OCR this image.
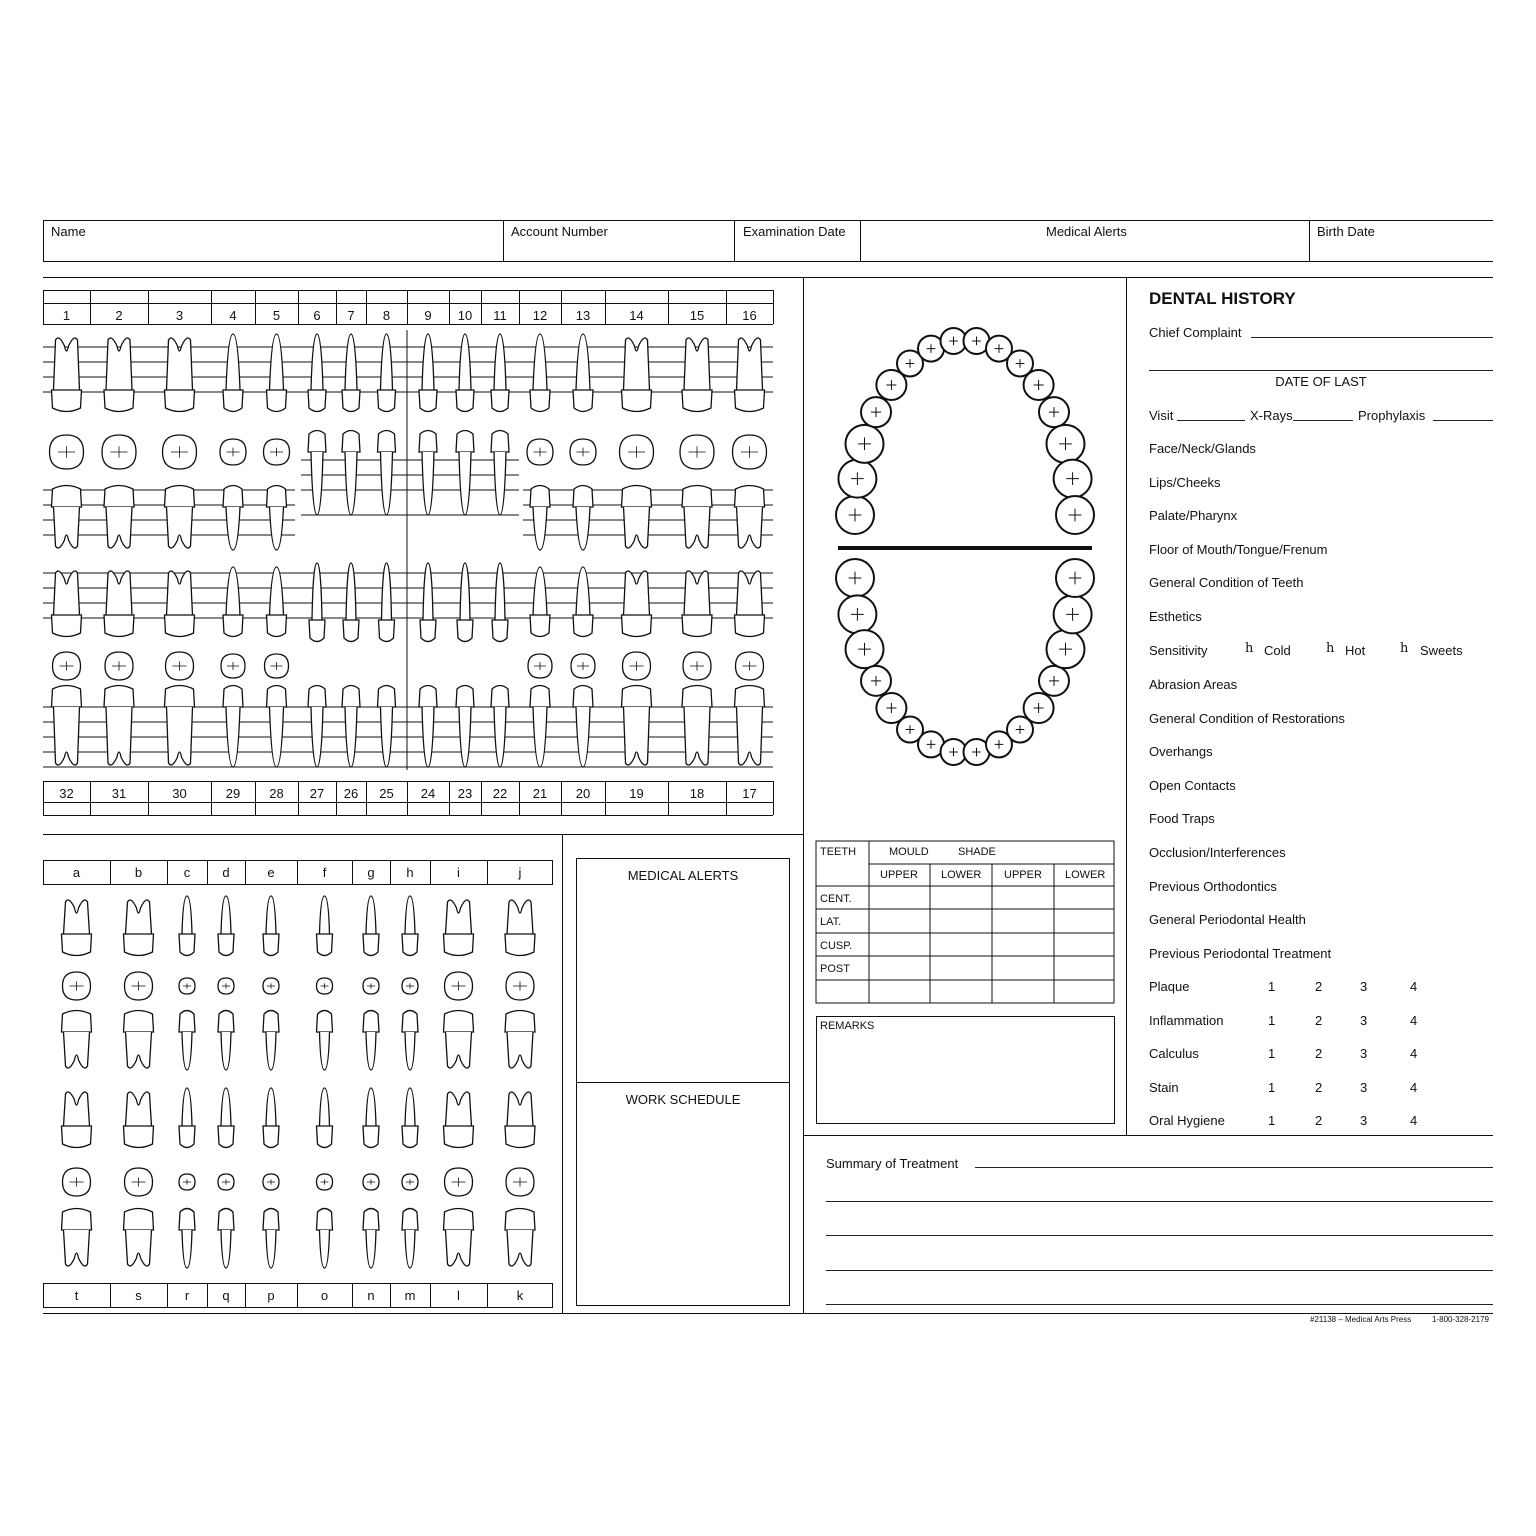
Name	Account Number	Examination Date	Medical Alerts	Birth Date
1	2	3	4	5	6	7	8	9	10	11	12	13	14	15	16
32	31	30	29	28	27	26	25	24	23	22	21	20	19	18	17
a	b	c	d	e	f	g	h	i	j
t	s	r	q	p	o	n	m	l	k
MEDICAL ALERTS
WORK SCHEDULE
TEETH	MOULD	SHADE
UPPER LOWER UPPER LOWER
CENT.
LAT.
CUSP.
POST
REMARKS
DENTAL HISTORY
Chief Complaint
DATE OF LAST
Visit	X-Rays	Prophylaxis
Face/Neck/Glands
Lips/Cheeks
Palate/Pharynx
Floor of Mouth/Tongue/Frenum
General Condition of Teeth
Esthetics
Sensitivity	h Cold	h Hot	h Sweets
Abrasion Areas
General Condition of Restorations
Overhangs
Open Contacts
Food Traps
Occlusion/Interferences
Previous Orthodontics
General Periodontal Health
Previous Periodontal Treatment
Plaque	1	2	3	4
Inflammation	1	2	3	4
Calculus	1	2	3	4
Stain	1	2	3	4
Oral Hygiene	1	2	3	4
Summary of Treatment
#21138 – Medical Arts Press	1-800-328-2179
